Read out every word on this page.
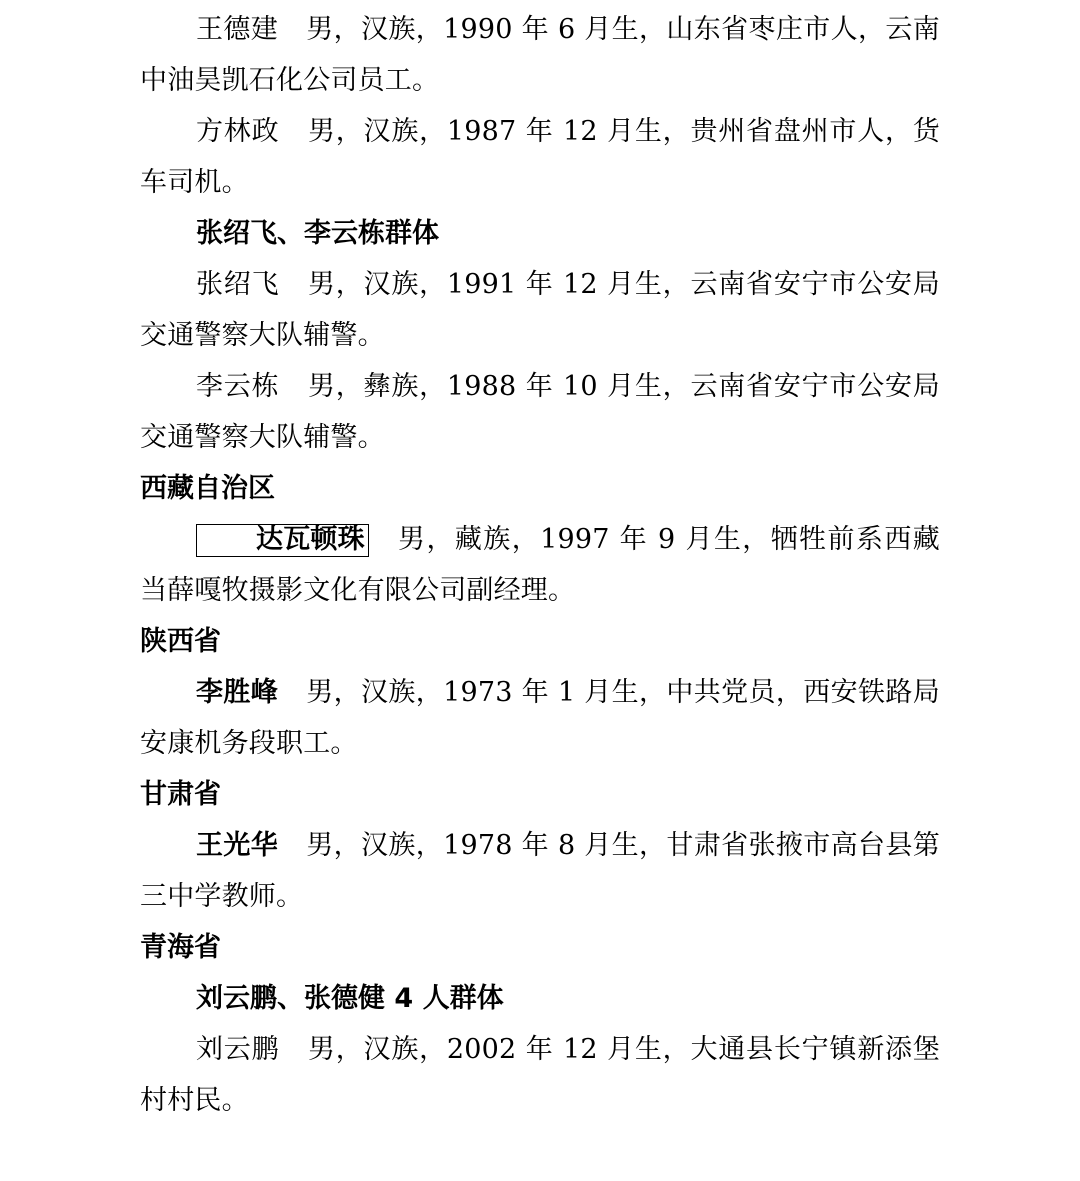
王德建 男，汉族，1990 年 6 月生，山东省枣庄市人，云南中油昊凯石化公司员工。

方林政 男，汉族，1987 年 12 月生，贵州省盘州市人，货车司机。

张绍飞、李云栋群体

张绍飞 男，汉族，1991 年 12 月生，云南省安宁市公安局交通警察大队辅警。

李云栋 男，彝族，1988 年 10 月生，云南省安宁市公安局交通警察大队辅警。

西藏自治区

达瓦顿珠 男，藏族，1997 年 9 月生，牺牲前系西藏当薛嘎牧摄影文化有限公司副经理。

陕西省

李胜峰 男，汉族，1973 年 1 月生，中共党员，西安铁路局安康机务段职工。

甘肃省

王光华 男，汉族，1978 年 8 月生，甘肃省张掖市高台县第三中学教师。

青海省
刘云鹏、张德健 4 人群体

刘云鹏 男，汉族，2002 年 12 月生，大通县长宁镇新添堡村村民。
